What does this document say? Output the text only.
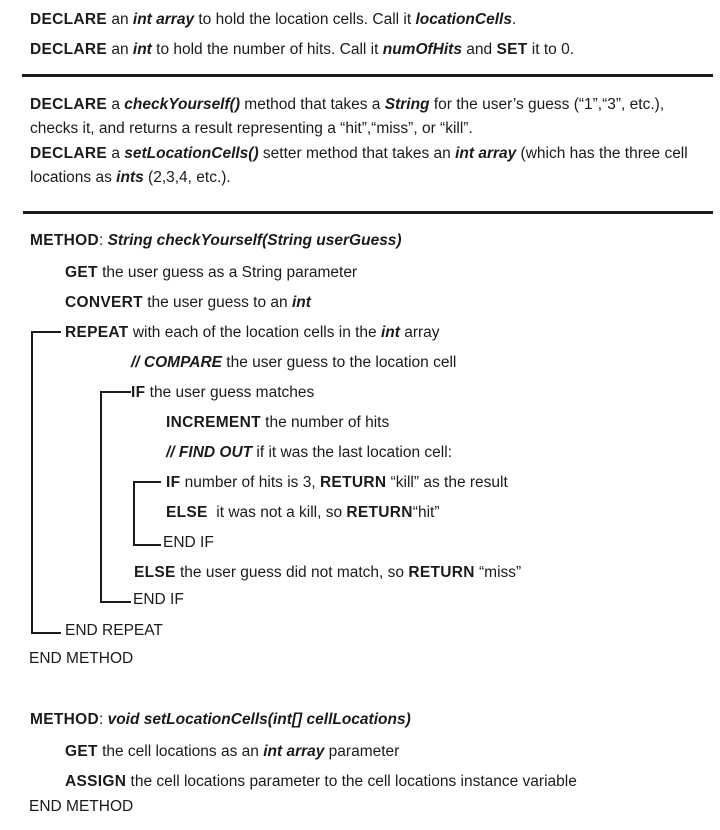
DECLARE an int array to hold the location cells. Call it locationCells.
DECLARE an int to hold the number of hits. Call it numOfHits and SET it to 0.
DECLARE a checkYourself() method that takes a String for the user’s guess (“1”,“3”, etc.), checks it, and returns a result representing a “hit”,“miss”, or “kill”.
DECLARE a setLocationCells() setter method that takes an int array (which has the three cell locations as ints (2,3,4, etc.).
METHOD: String checkYourself(String userGuess)
GET the user guess as a String parameter
CONVERT the user guess to an int
REPEAT with each of the location cells in the int array
// COMPARE the user guess to the location cell
IF the user guess matches
INCREMENT the number of hits
// FIND OUT if it was the last location cell:
IF number of hits is 3, RETURN “kill” as the result
ELSE  it was not a kill, so RETURN“hit”
END IF
ELSE the user guess did not match, so RETURN “miss”
END IF
END REPEAT
END METHOD
METHOD: void setLocationCells(int[] cellLocations)
GET the cell locations as an int array parameter
ASSIGN the cell locations parameter to the cell locations instance variable
END METHOD
